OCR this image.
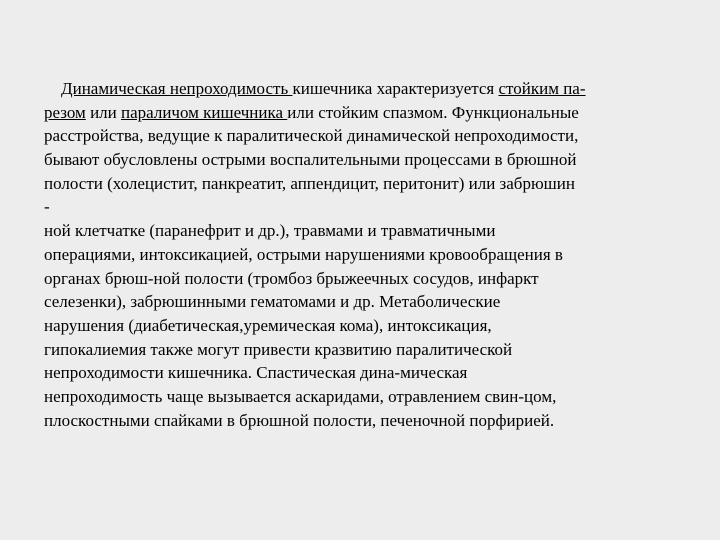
Динамическая непроходимость кишечника характеризуется стойким па-
резом или параличом кишечника или стойким спазмом. Функциональные
расстройства, ведущие к паралитической динамической непроходимости,
бывают обусловлены острыми воспалительными процессами в брюшной
полости (холецистит, панкреатит, аппендицит, перитонит) или забрюшин
-
ной клетчатке (паранефрит и др.), травмами и травматичными
операциями, интоксикацией, острыми нарушениями кровообращения в
органах брюш-ной полости (тромбоз брыжеечных сосудов, инфаркт
селезенки), забрюшинными гематомами и др. Метаболические
нарушения (диабетическая,уремическая кома), интоксикация,
гипокалиемия также могут привести кразвитию паралитической
непроходимости кишечника. Спастическая дина-мическая
непроходимость чаще вызывается аскаридами, отравлением свин-цом,
плоскостными спайками в брюшной полости, печеночной порфирией.
